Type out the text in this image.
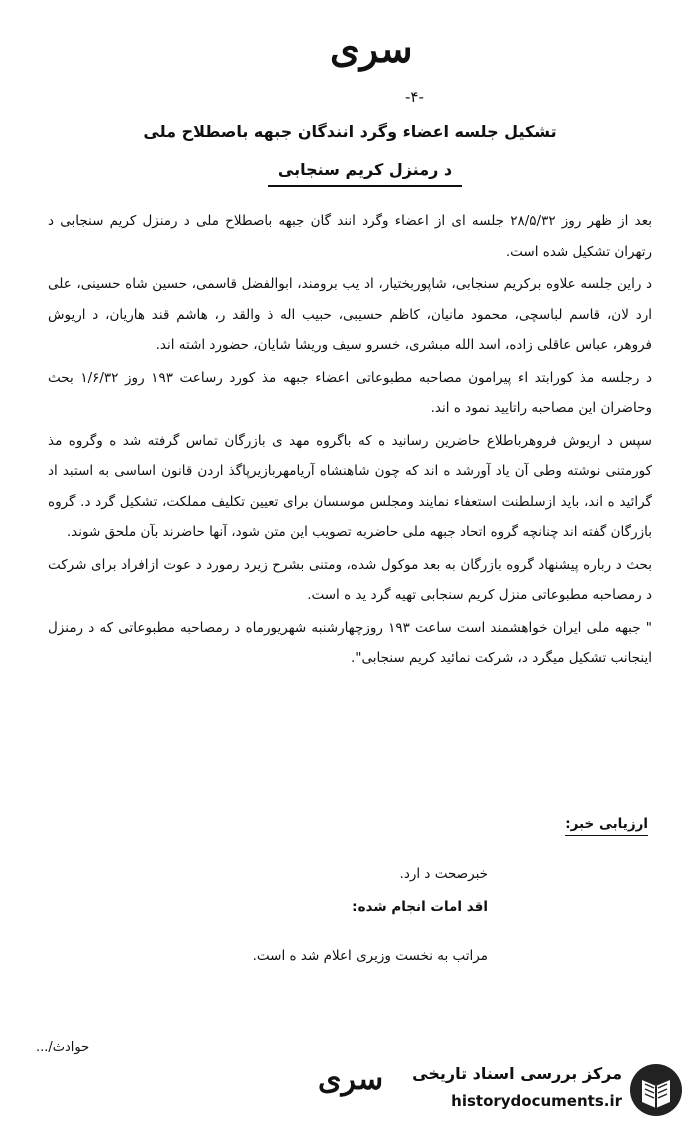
سری
-۴-
تشکیل جلسه اعضاء وگرد انندگان جبهه باصطلاح ملی
د رمنزل کریم سنجابی

بعد از ظهر روز ۲۸/۵/۳۲ جلسه ای از اعضاء وگرد انند گان جبهه باصطلاح ملی د رمنزل کریم سنجابی د رتهران تشکیل شده است.

د راین جلسه علاوه برکریم سنجابی، شاپوربختیار، اد یب برومند، ابوالفضل قاسمی، حسین شاه حسینی، علی ارد لان، قاسم لباسچی، محمود مانیان، کاظم حسیبی، حبیب اله ذ والقد ر، هاشم قند هاریان، د اریوش فروهر، عباس عاقلی زاده، اسد الله مبشری، خسرو سیف وریشا شایان، حضورد اشته اند.

د رجلسه مذ کورابتد اء پیرامون مصاحبه مطبوعاتی اعضاء جبهه مذ کورد رساعت ۱۹۳ روز ۱/۶/۳۲ بحث وحاضران این مصاحبه راتایید نمود ه اند.

سپس د اریوش فروهرباطلاع حاضرین رسانید ه که باگروه مهد ی بازرگان تماس گرفته شد ه وگروه مذ کورمتنی نوشته وطی آن یاد آورشد ه اند که چون شاهنشاه آریامهربازیرپاگذ اردن قانون اساسی به استبد اد گرائید ه اند، باید ازسلطنت استعفاء نمایند ومجلس موسسان برای تعیین تکلیف مملکت، تشکیل گرد د. گروه بازرگان گفته اند چنانچه گروه اتحاد جبهه ملی حاضربه تصویب این متن شود، آنها حاضرند بآن ملحق شوند.

بحث د رباره پیشنهاد گروه بازرگان به بعد موکول شده، ومتنی بشرح زیرد رمورد د عوت ازافراد برای شرکت د رمصاحبه مطبوعاتی منزل کریم سنجابی تهیه گرد ید ه است.

" جبهه ملی ایران خواهشمند است ساعت ۱۹۳ روزچهارشنبه شهریورماه د رمصاحبه مطبوعاتی که د رمنزل اینجانب تشکیل میگرد د، شرکت نمائید کریم سنجابی".

ارزیابی خبر:
خبرصحت د ارد.
اقد امات انجام شده:
مراتب به نخست وزیری اعلام شد ه است.
حوادث/...
سری مرکز بررسی اسناد تاریخی
historydocuments.ir
